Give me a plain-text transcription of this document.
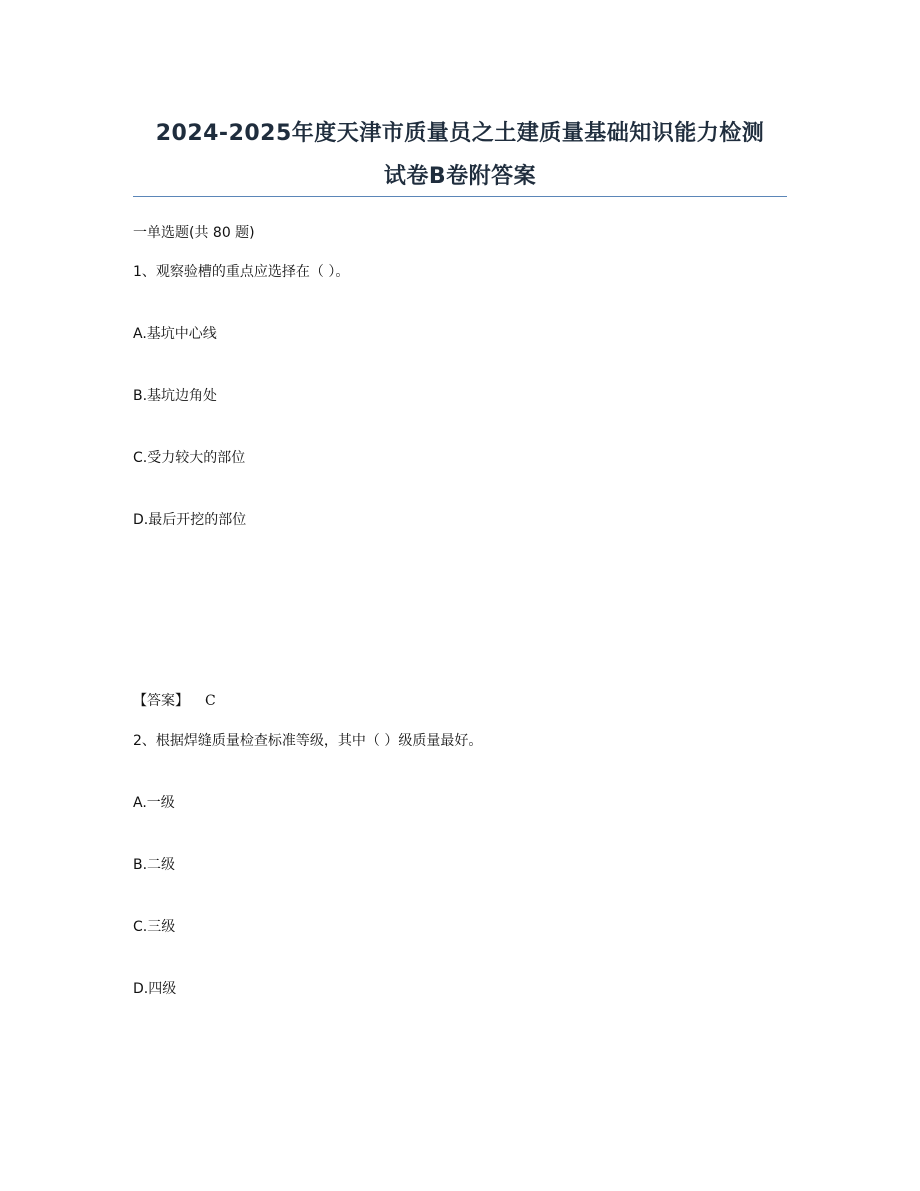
2024-2025年度天津市质量员之土建质量基础知识能力检测
试卷B卷附答案
一单选题(共 80 题)
1、观察验槽的重点应选择在（ ）。
A.基坑中心线
B.基坑边角处
C.受力较大的部位
D.最后开挖的部位
【答案】 C
2、根据焊缝质量检查标准等级，其中（ ）级质量最好。
A.一级
B.二级
C.三级
D.四级
